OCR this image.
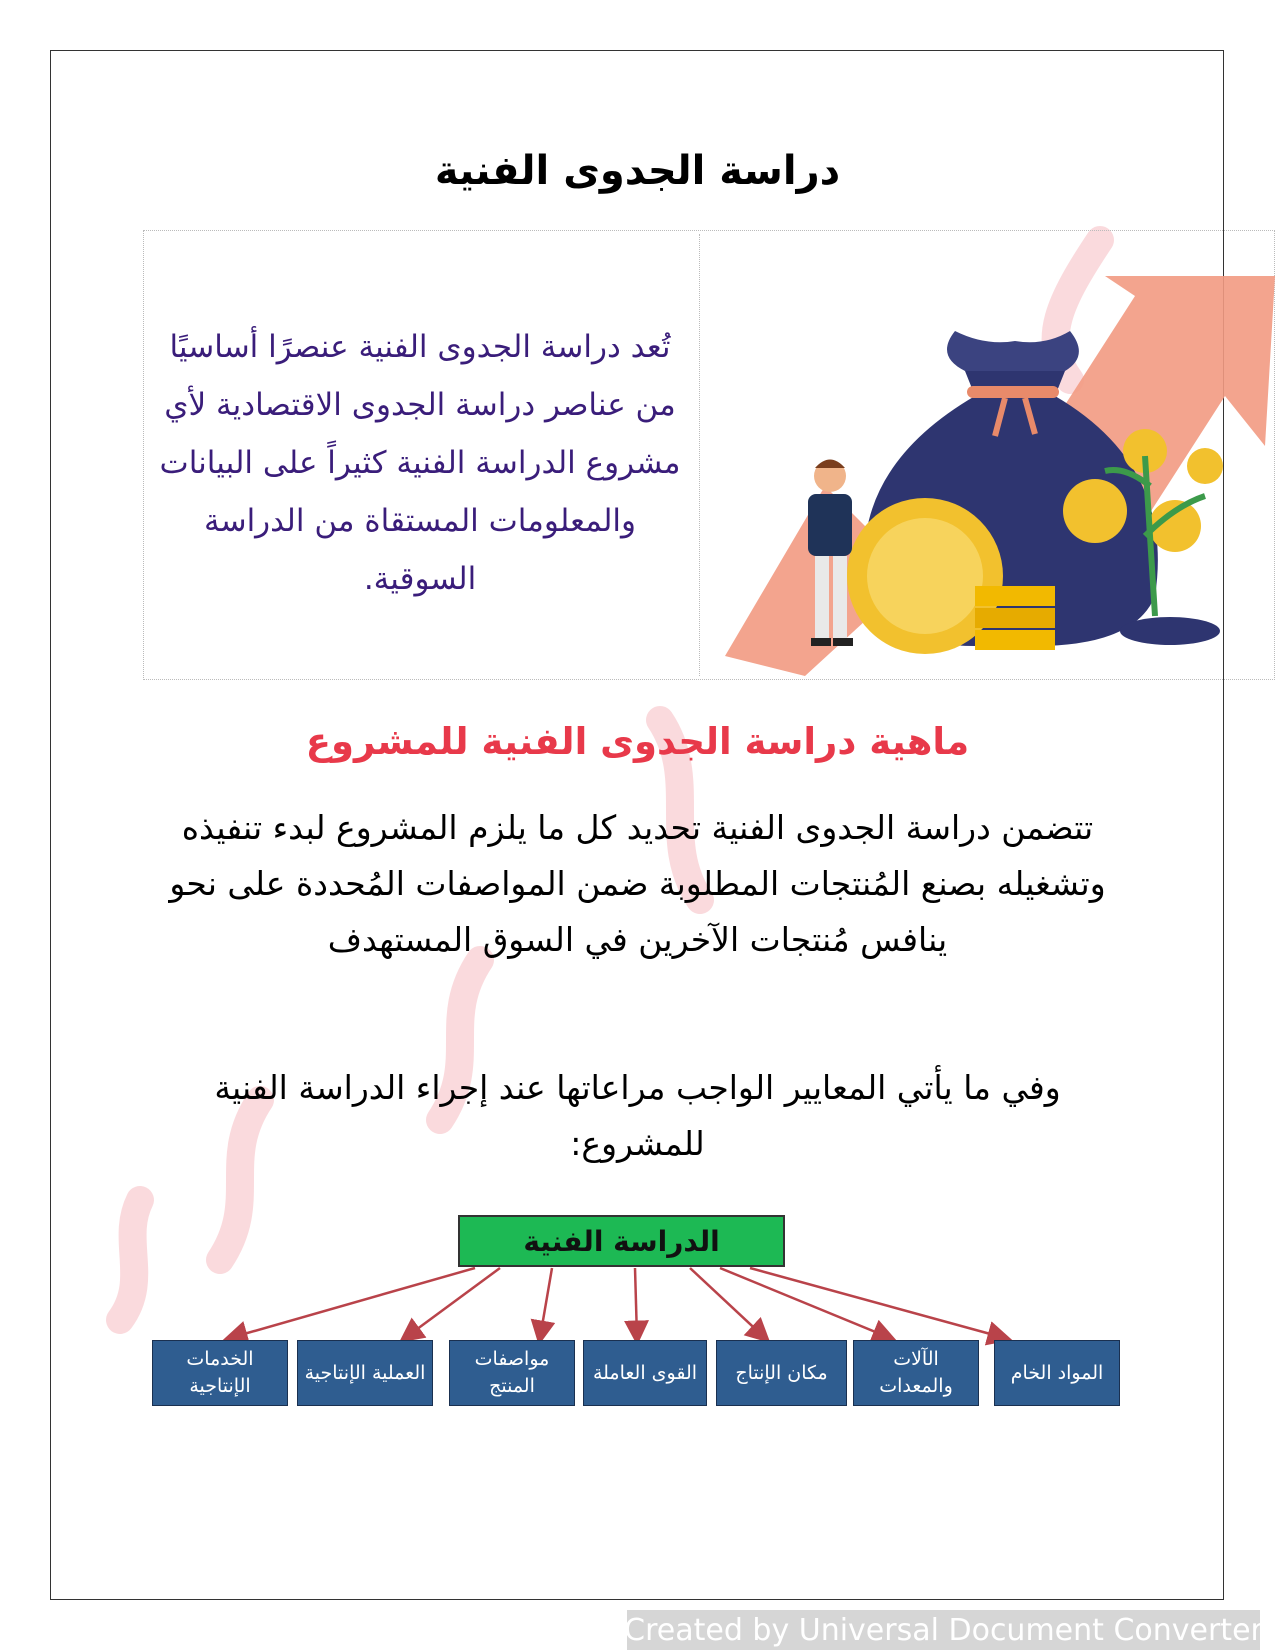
دراسة الجدوى الفنية
تُعد دراسة الجدوى الفنية عنصرًا أساسيًا من عناصر دراسة الجدوى الاقتصادية لأي مشروع الدراسة الفنية كثيراً على البيانات والمعلومات المستقاة من الدراسة السوقية.
ماهية دراسة الجدوى الفنية للمشروع
تتضمن دراسة الجدوى الفنية تحديد كل ما يلزم المشروع لبدء تنفيذه وتشغيله بصنع المُنتجات المطلوبة ضمن المواصفات المُحددة على نحو ينافس مُنتجات الآخرين في السوق المستهدف
وفي ما يأتي المعايير الواجب مراعاتها عند إجراء الدراسة الفنية للمشروع:
الدراسة الفنية
المواد الخام
الآلات والمعدات
مكان الإنتاج
القوى العاملة
مواصفات المنتج
العملية الإنتاجية
الخدمات الإنتاجية
Created by Universal Document Converter
